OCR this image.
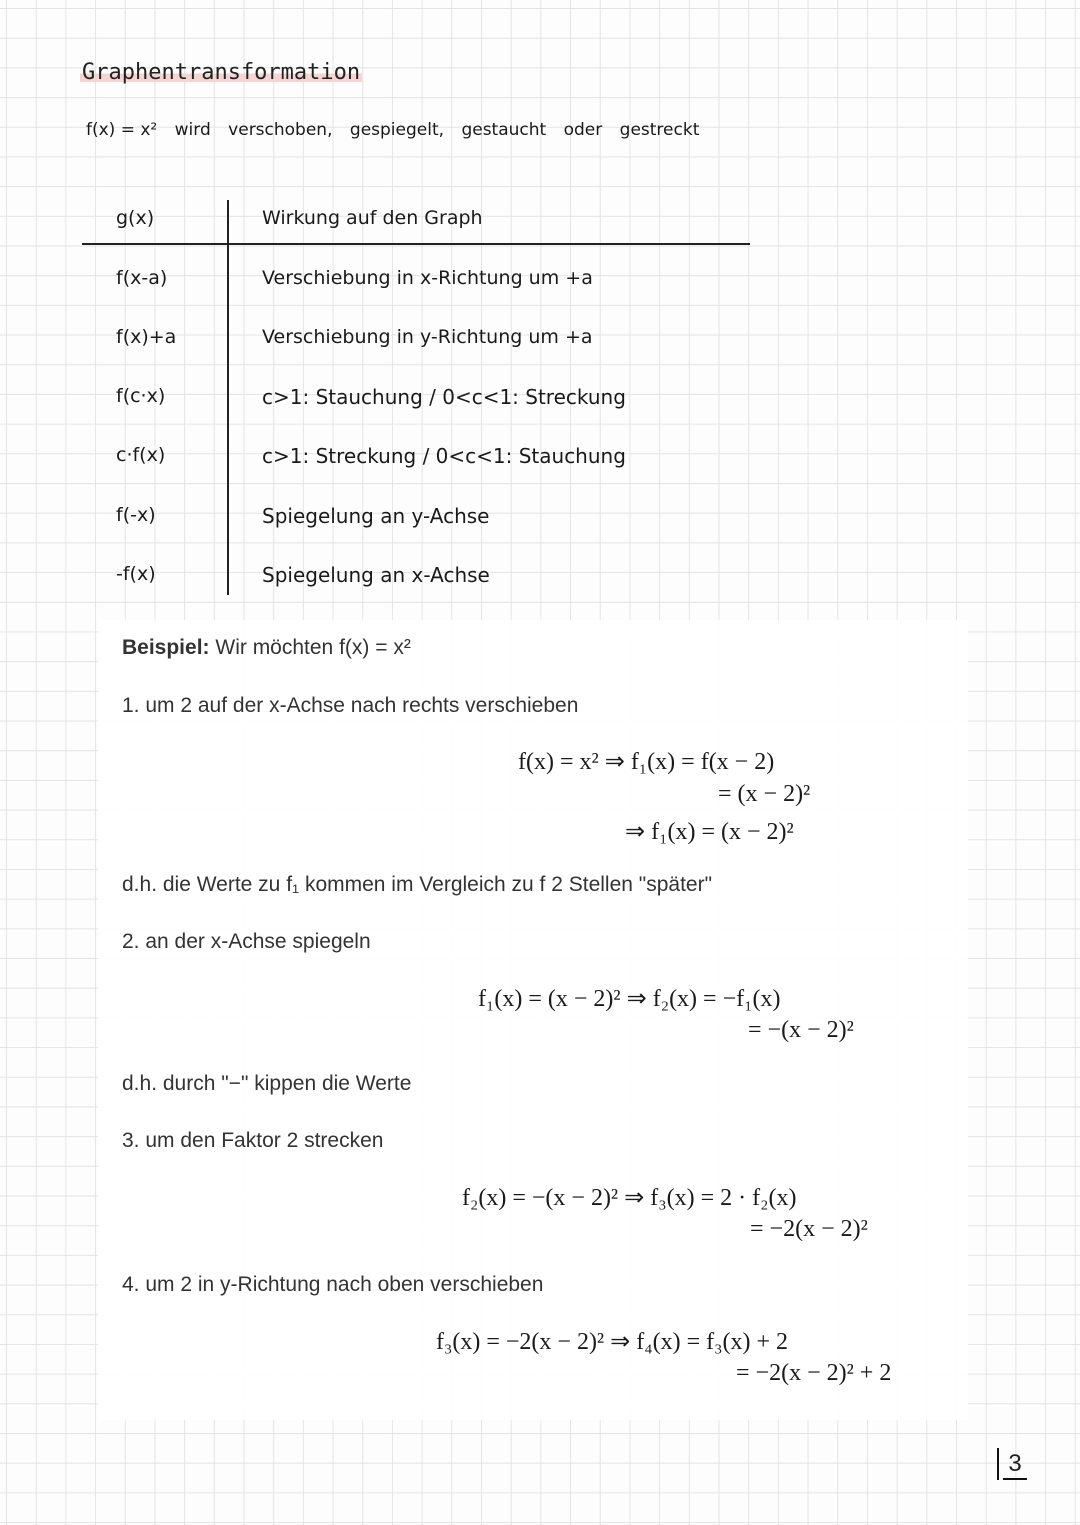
Graphentransformation
f(x) = x² wird verschoben, gespiegelt, gestaucht oder gestreckt
g(x)	Wirkung auf den Graph
f(x-a)	Verschiebung in x-Richtung um +a
f(x)+a	Verschiebung in y-Richtung um +a
f(c·x)	c>1: Stauchung / 0<c<1: Streckung
c·f(x)	c>1: Streckung / 0<c<1: Stauchung
f(-x)	Spiegelung an y-Achse
-f(x)	Spiegelung an x-Achse
Beispiel: Wir möchten f(x) = x²
1. um 2 auf der x-Achse nach rechts verschieben
f(x) = x² ⇒ f₁(x) = f(x − 2)
= (x − 2)²
⇒ f₁(x) = (x − 2)²
d.h. die Werte zu f₁ kommen im Vergleich zu f 2 Stellen "später"
2. an der x-Achse spiegeln
f₁(x) = (x − 2)² ⇒ f₂(x) = −f₁(x)
= −(x − 2)²
d.h. durch "−" kippen die Werte
3. um den Faktor 2 strecken
f₂(x) = −(x − 2)² ⇒ f₃(x) = 2 · f₂(x)
= −2(x − 2)²
4. um 2 in y-Richtung nach oben verschieben
f₃(x) = −2(x − 2)² ⇒ f₄(x) = f₃(x) + 2
= −2(x − 2)² + 2
3
